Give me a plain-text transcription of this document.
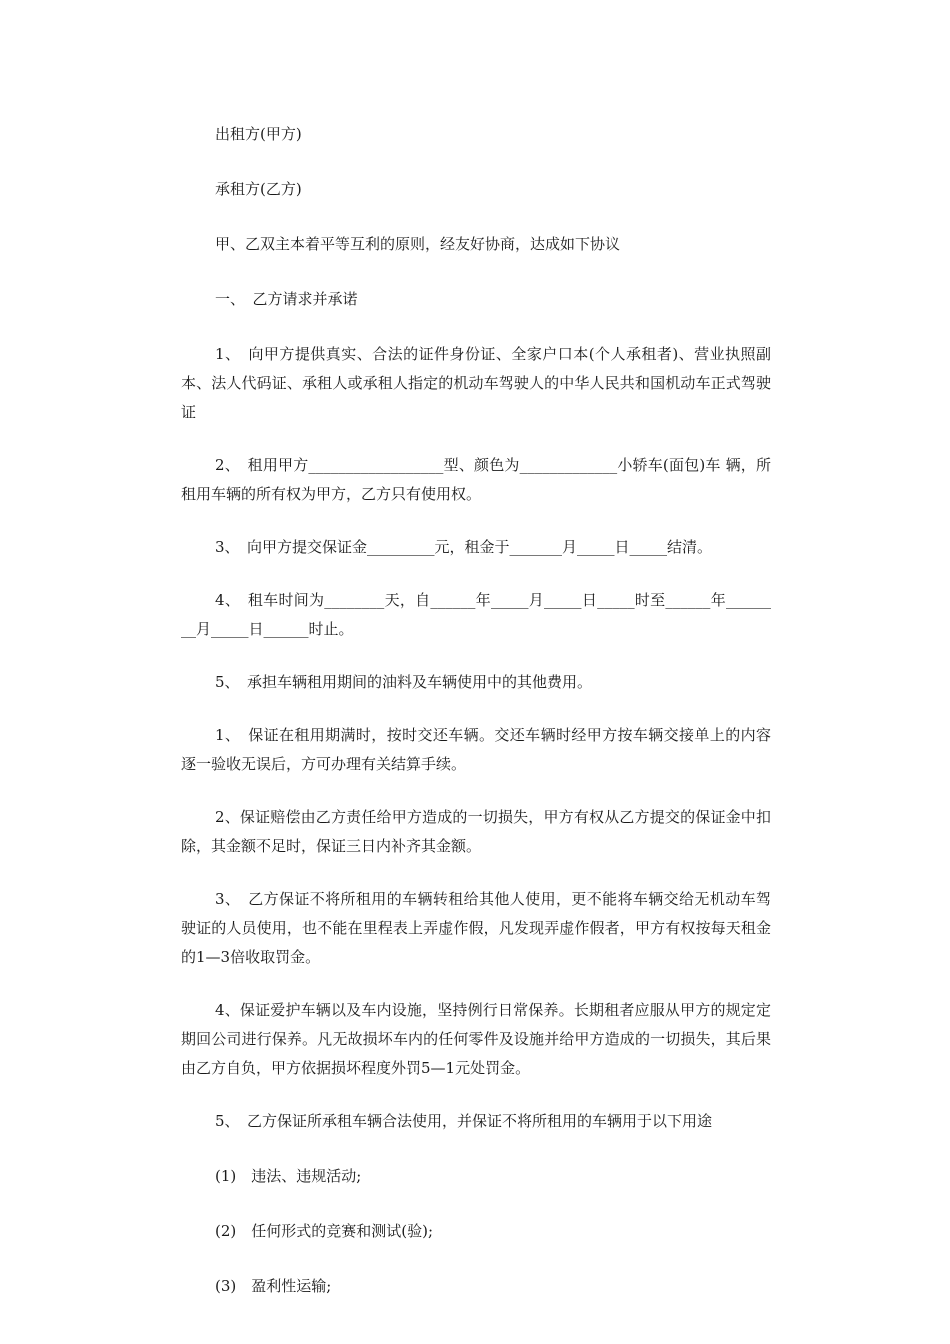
出租方(甲方)

承租方(乙方)

甲、乙双主本着平等互利的原则，经友好协商，达成如下协议

一、　乙方请求并承诺

1、　向甲方提供真实、合法的证件身份证、全家户口本(个人承租者)、营业执照副本、法人代码证、承租人或承租人指定的机动车驾驶人的中华人民共和国机动车正式驾驶证

2、　租用甲方__________________型、颜色为_____________小轿车(面包)车 辆，所租用车辆的所有权为甲方，乙方只有使用权。

3、　向甲方提交保证金_________元，租金于_______月_____日_____结清。

4、　租车时间为________天，自______年_____月_____日_____时至______年________月_____日______时止。

5、　承担车辆租用期间的油料及车辆使用中的其他费用。

1、　保证在租用期满时，按时交还车辆。交还车辆时经甲方按车辆交接单上的内容逐一验收无误后，方可办理有关结算手续。

2、保证赔偿由乙方责任给甲方造成的一切损失，甲方有权从乙方提交的保证金中扣除，其金额不足时，保证三日内补齐其金额。

3、　乙方保证不将所租用的车辆转租给其他人使用，更不能将车辆交给无机动车驾驶证的人员使用，也不能在里程表上弄虚作假，凡发现弄虚作假者，甲方有权按每天租金的1—3倍收取罚金。

4、保证爱护车辆以及车内设施，坚持例行日常保养。长期租者应服从甲方的规定定期回公司进行保养。凡无故损坏车内的任何零件及设施并给甲方造成的一切损失，其后果由乙方自负，甲方依据损坏程度外罚5—1元处罚金。

5、　乙方保证所承租车辆合法使用，并保证不将所租用的车辆用于以下用途

(1)　违法、违规活动;

(2)　任何形式的竞赛和测试(验);

(3)　盈利性运输;
